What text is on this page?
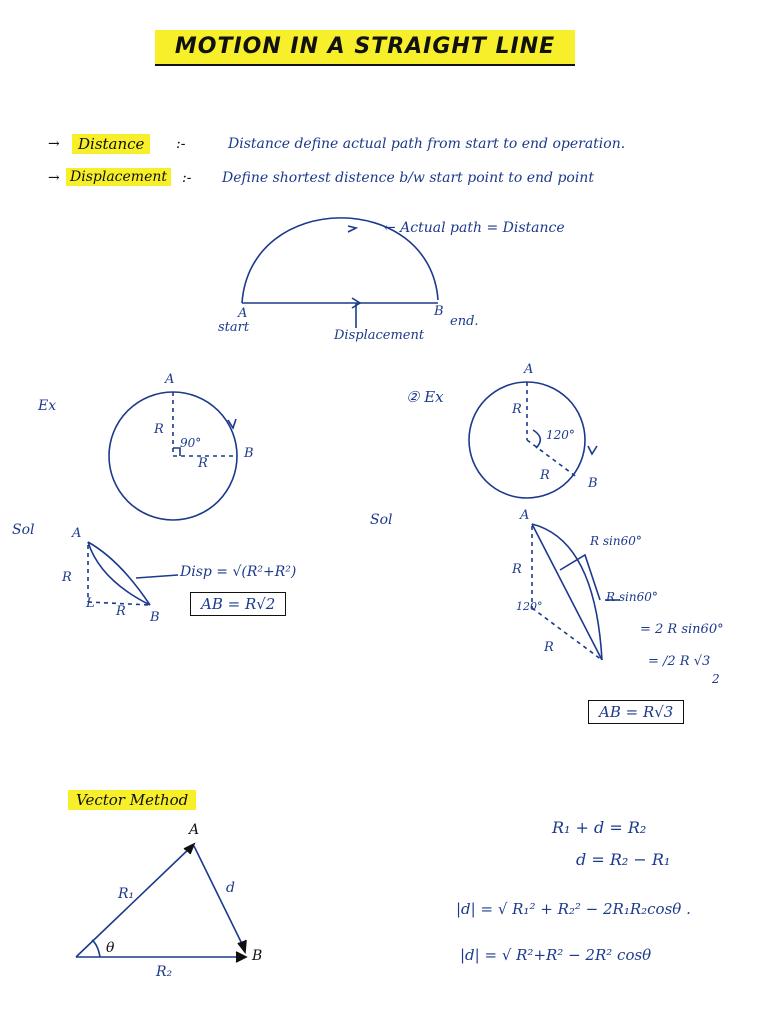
MOTION IN A STRAIGHT LINE
→	Distance	:-	Distance define actual path from start to end operation.
→ Displacement :- Define shortest distence b/w start point to end point
← Actual path = Distance
A
start
B
end.
Displacement
Ex
A
R
90°
R
B
② Ex
A
R
120°
R
B
Sol	A
R
L
R B
Disp = √(R²+R²)
AB = R√2
Sol	A
R
120°
R
R sin60°
R sin60°
= 2 R sin60°
= /2 R √3
2
AB = R√3
Vector Method
A
B
R₁	d
R₂
θ
R₁ + d = R₂
d = R₂ − R₁
|d| = √ R₁² + R₂² − 2R₁R₂cosθ .
|d| = √ R²+R² − 2R² cosθ
